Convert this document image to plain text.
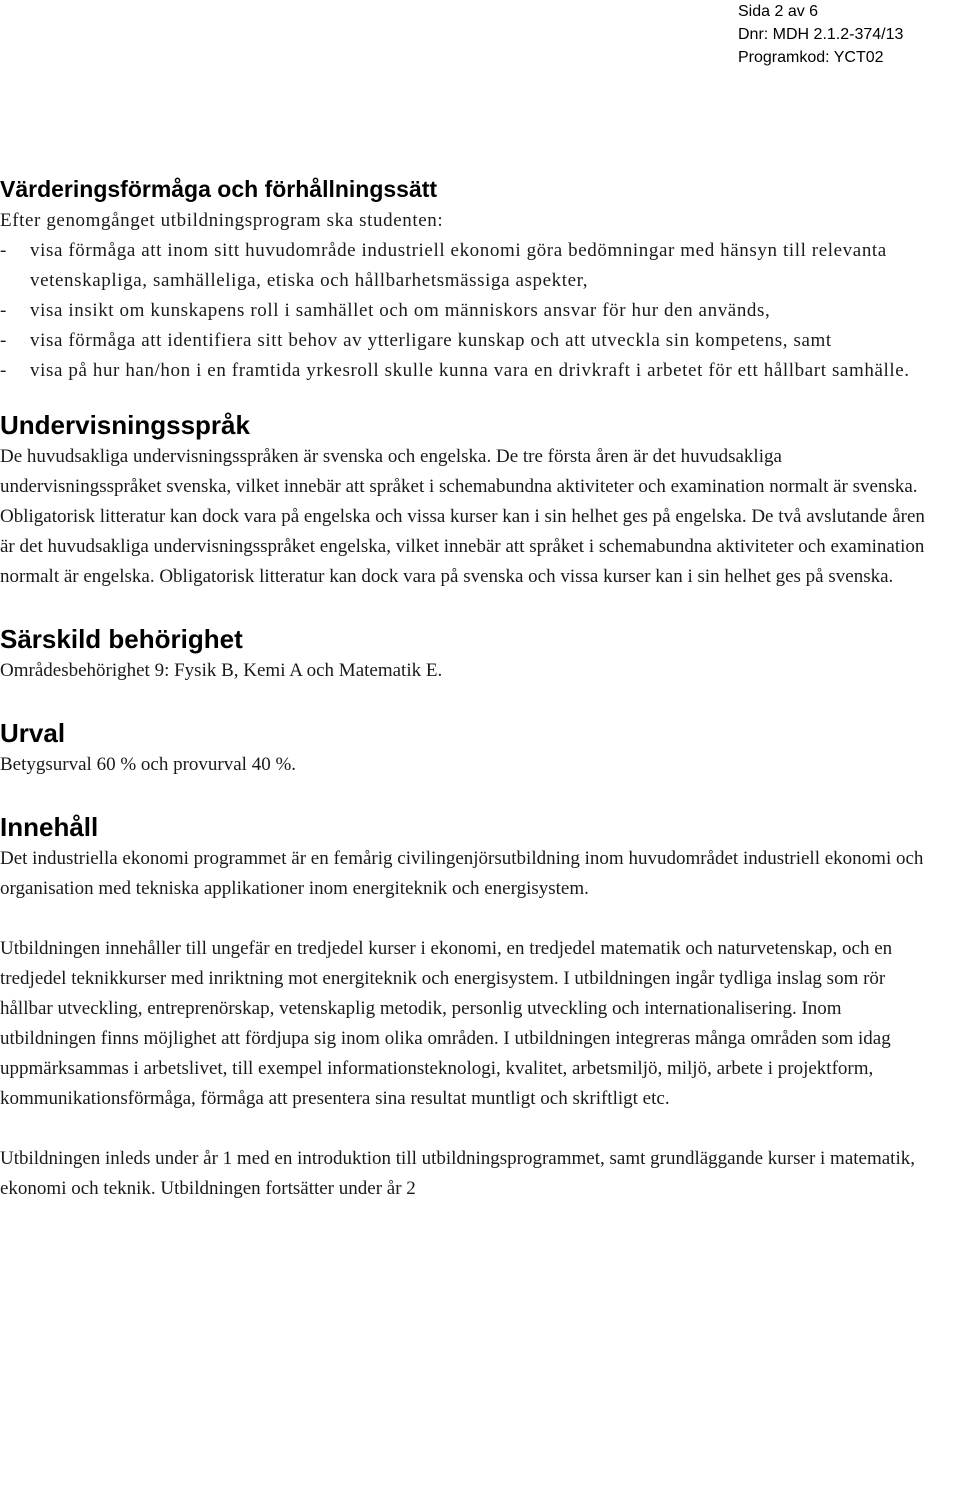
Sida 2 av 6
Dnr: MDH 2.1.2-374/13
Programkod: YCT02
Värderingsförmåga och förhållningssätt

Efter genomgånget utbildningsprogram ska studenten:

- visa förmåga att inom sitt huvudområde industriell ekonomi göra bedömningar med hänsyn till relevanta vetenskapliga, samhälleliga, etiska och hållbarhetsmässiga aspekter,
- visa insikt om kunskapens roll i samhället och om människors ansvar för hur den används,
- visa förmåga att identifiera sitt behov av ytterligare kunskap och att utveckla sin kompetens, samt
- visa på hur han/hon i en framtida yrkesroll skulle kunna vara en drivkraft i arbetet för ett hållbart samhälle.
Undervisningsspråk

De huvudsakliga undervisningsspråken är svenska och engelska. De tre första åren är det huvudsakliga undervisningsspråket svenska, vilket innebär att språket i schemabundna aktiviteter och examination normalt är svenska. Obligatorisk litteratur kan dock vara på engelska och vissa kurser kan i sin helhet ges på engelska. De två avslutande åren är det huvudsakliga undervisningsspråket engelska, vilket innebär att språket i schemabundna aktiviteter och examination normalt är engelska. Obligatorisk litteratur kan dock vara på svenska och vissa kurser kan i sin helhet ges på svenska.

Särskild behörighet

Områdesbehörighet 9: Fysik B, Kemi A och Matematik E.

Urval

Betygsurval 60 % och provurval 40 %.

Innehåll

Det industriella ekonomi programmet är en femårig civilingenjörsutbildning inom huvudområdet industriell ekonomi och organisation med tekniska applikationer inom energiteknik och energisystem.

Utbildningen innehåller till ungefär en tredjedel kurser i ekonomi, en tredjedel matematik och naturvetenskap, och en tredjedel teknikkurser med inriktning mot energiteknik och energisystem. I utbildningen ingår tydliga inslag som rör hållbar utveckling, entreprenörskap, vetenskaplig metodik, personlig utveckling och internationalisering. Inom utbildningen finns möjlighet att fördjupa sig inom olika områden. I utbildningen integreras många områden som idag uppmärksammas i arbetslivet, till exempel informationsteknologi, kvalitet, arbetsmiljö, miljö, arbete i projektform, kommunikationsförmåga, förmåga att presentera sina resultat muntligt och skriftligt etc.

Utbildningen inleds under år 1 med en introduktion till utbildningsprogrammet, samt grundläggande kurser i matematik, ekonomi och teknik. Utbildningen fortsätter under år 2
